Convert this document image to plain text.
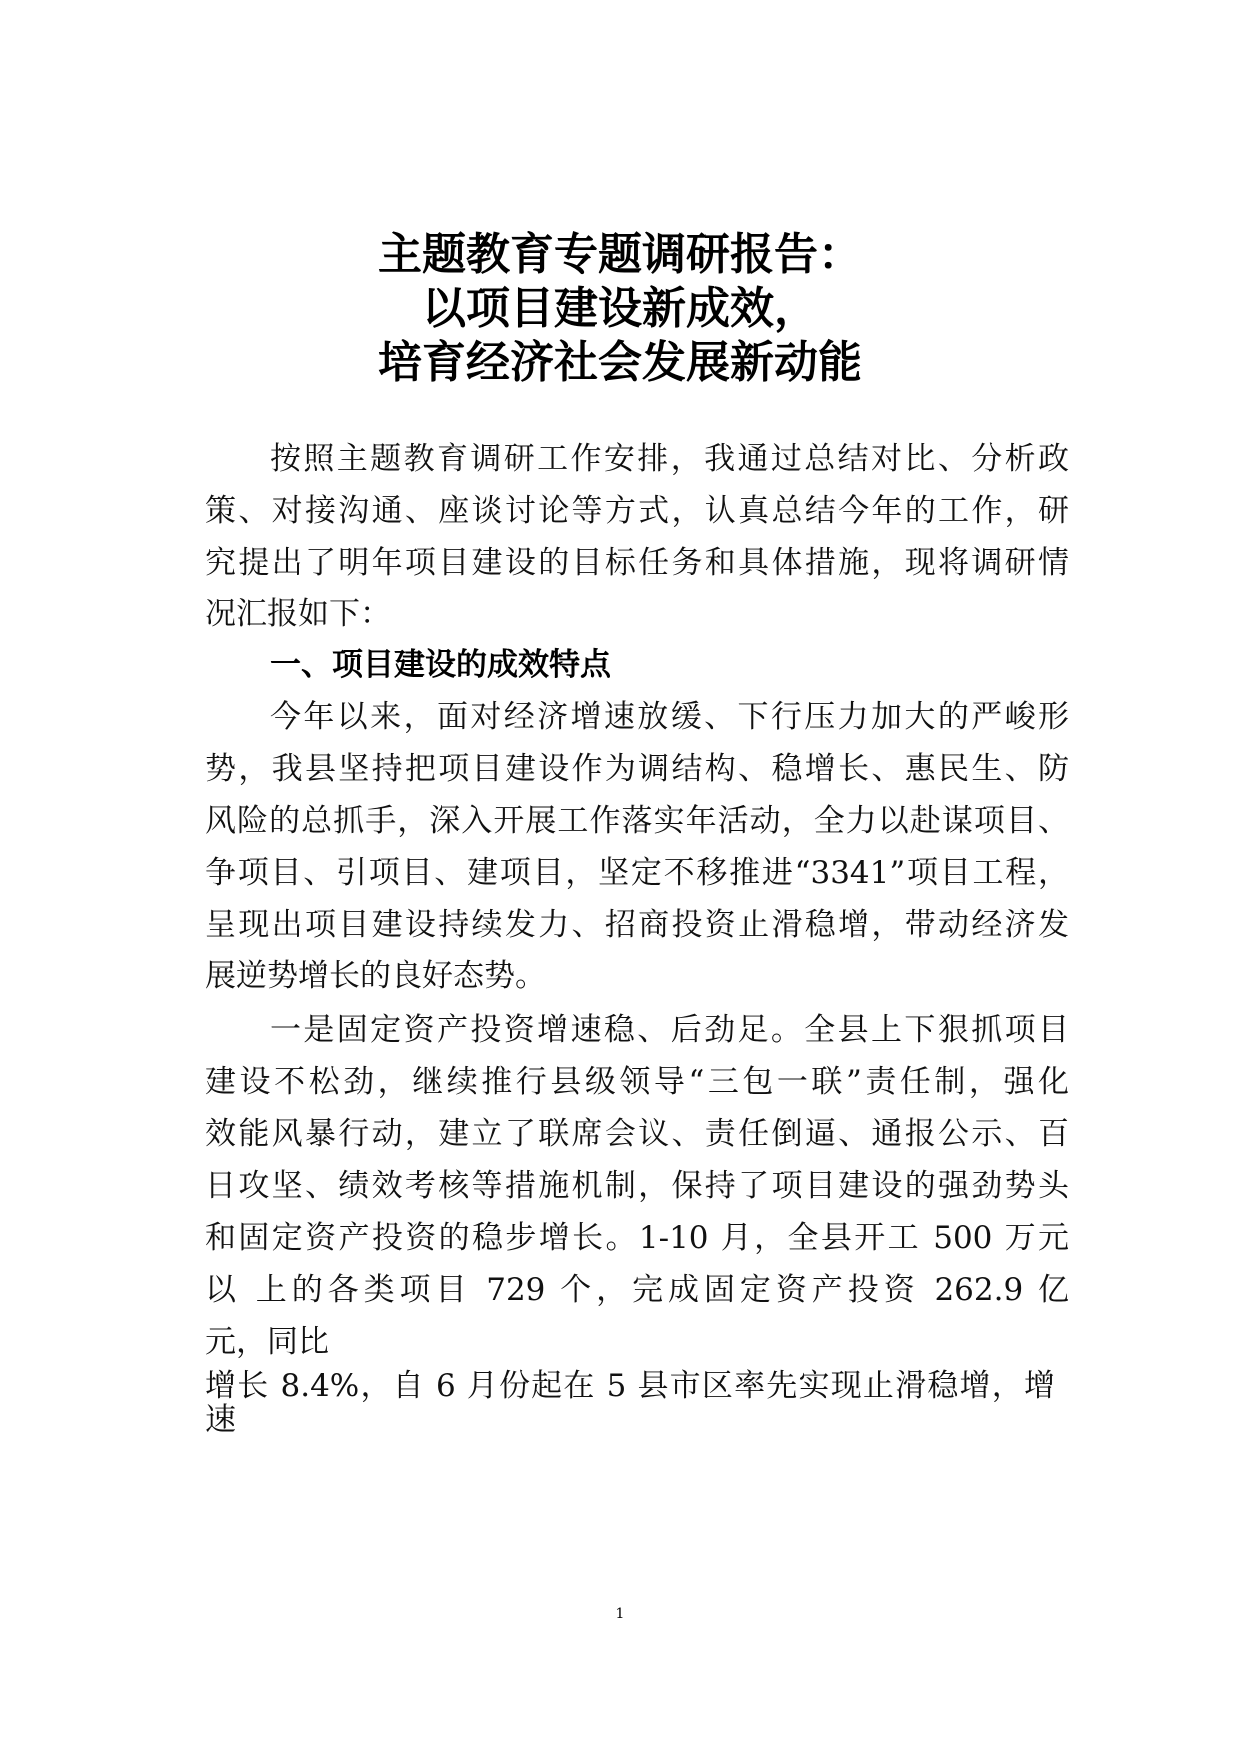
主题教育专题调研报告：
以项目建设新成效，
培育经济社会发展新动能

按照主题教育调研工作安排，我通过总结对比、分析政

策、对接沟通、座谈讨论等方式，认真总结今年的工作，研

究提出了明年项目建设的目标任务和具体措施，现将调研情

况汇报如下：

一、项目建设的成效特点

今年以来，面对经济增速放缓、下行压力加大的严峻形

势，我县坚持把项目建设作为调结构、稳增长、惠民生、防

风险的总抓手，深入开展工作落实年活动，全力以赴谋项目、

争项目、引项目、建项目，坚定不移推进“3341”项目工程，

呈现出项目建设持续发力、招商投资止滑稳增，带动经济发

展逆势增长的良好态势。

一是固定资产投资增速稳、后劲足。全县上下狠抓项目

建设不松劲，继续推行县级领导“三包一联”责任制，强化

效能风暴行动，建立了联席会议、责任倒逼、通报公示、百

日攻坚、绩效考核等措施机制，保持了项目建设的强劲势头

和固定资产投资的稳步增长。1-10 月，全县开工 500 万元

以 上的各类项目 729 个，完成固定资产投资 262.9 亿

元，同比

增长 8.4%，自 6 月份起在 5 县市区率先实现止滑稳增，增

速

1
